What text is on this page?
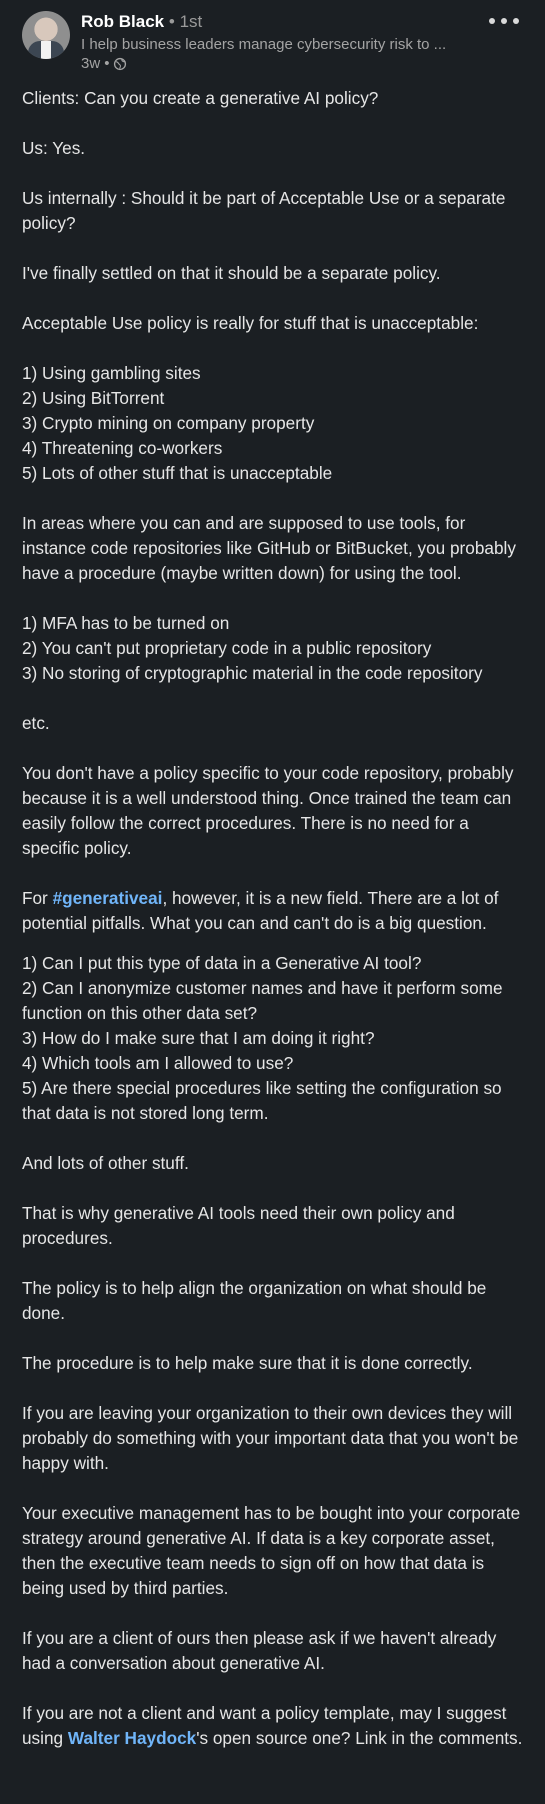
Rob Black • 1st
I help business leaders manage cybersecurity risk to ...
3w •

Clients: Can you create a generative AI policy?

Us: Yes.

Us internally : Should it be part of Acceptable Use or a separate policy?

I've finally settled on that it should be a separate policy.

Acceptable Use policy is really for stuff that is unacceptable:

1) Using gambling sites
2) Using BitTorrent
3) Crypto mining on company property
4) Threatening co-workers
5) Lots of other stuff that is unacceptable

In areas where you can and are supposed to use tools, for instance code repositories like GitHub or BitBucket, you probably have a procedure (maybe written down) for using the tool.

1) MFA has to be turned on
2) You can't put proprietary code in a public repository
3) No storing of cryptographic material in the code repository

etc.

You don't have a policy specific to your code repository, probably because it is a well understood thing. Once trained the team can easily follow the correct procedures. There is no need for a specific policy.

For #generativeai, however, it is a new field. There are a lot of potential pitfalls. What you can and can't do is a big question.

1) Can I put this type of data in a Generative AI tool?
2) Can I anonymize customer names and have it perform some function on this other data set?
3) How do I make sure that I am doing it right?
4) Which tools am I allowed to use?
5) Are there special procedures like setting the configuration so that data is not stored long term.

And lots of other stuff.

That is why generative AI tools need their own policy and procedures.

The policy is to help align the organization on what should be done.

The procedure is to help make sure that it is done correctly.

If you are leaving your organization to their own devices they will probably do something with your important data that you won't be happy with.

Your executive management has to be bought into your corporate strategy around generative AI. If data is a key corporate asset, then the executive team needs to sign off on how that data is being used by third parties.

If you are a client of ours then please ask if we haven't already had a conversation about generative AI.

If you are not a client and want a policy template, may I suggest using Walter Haydock's open source one? Link in the comments.
